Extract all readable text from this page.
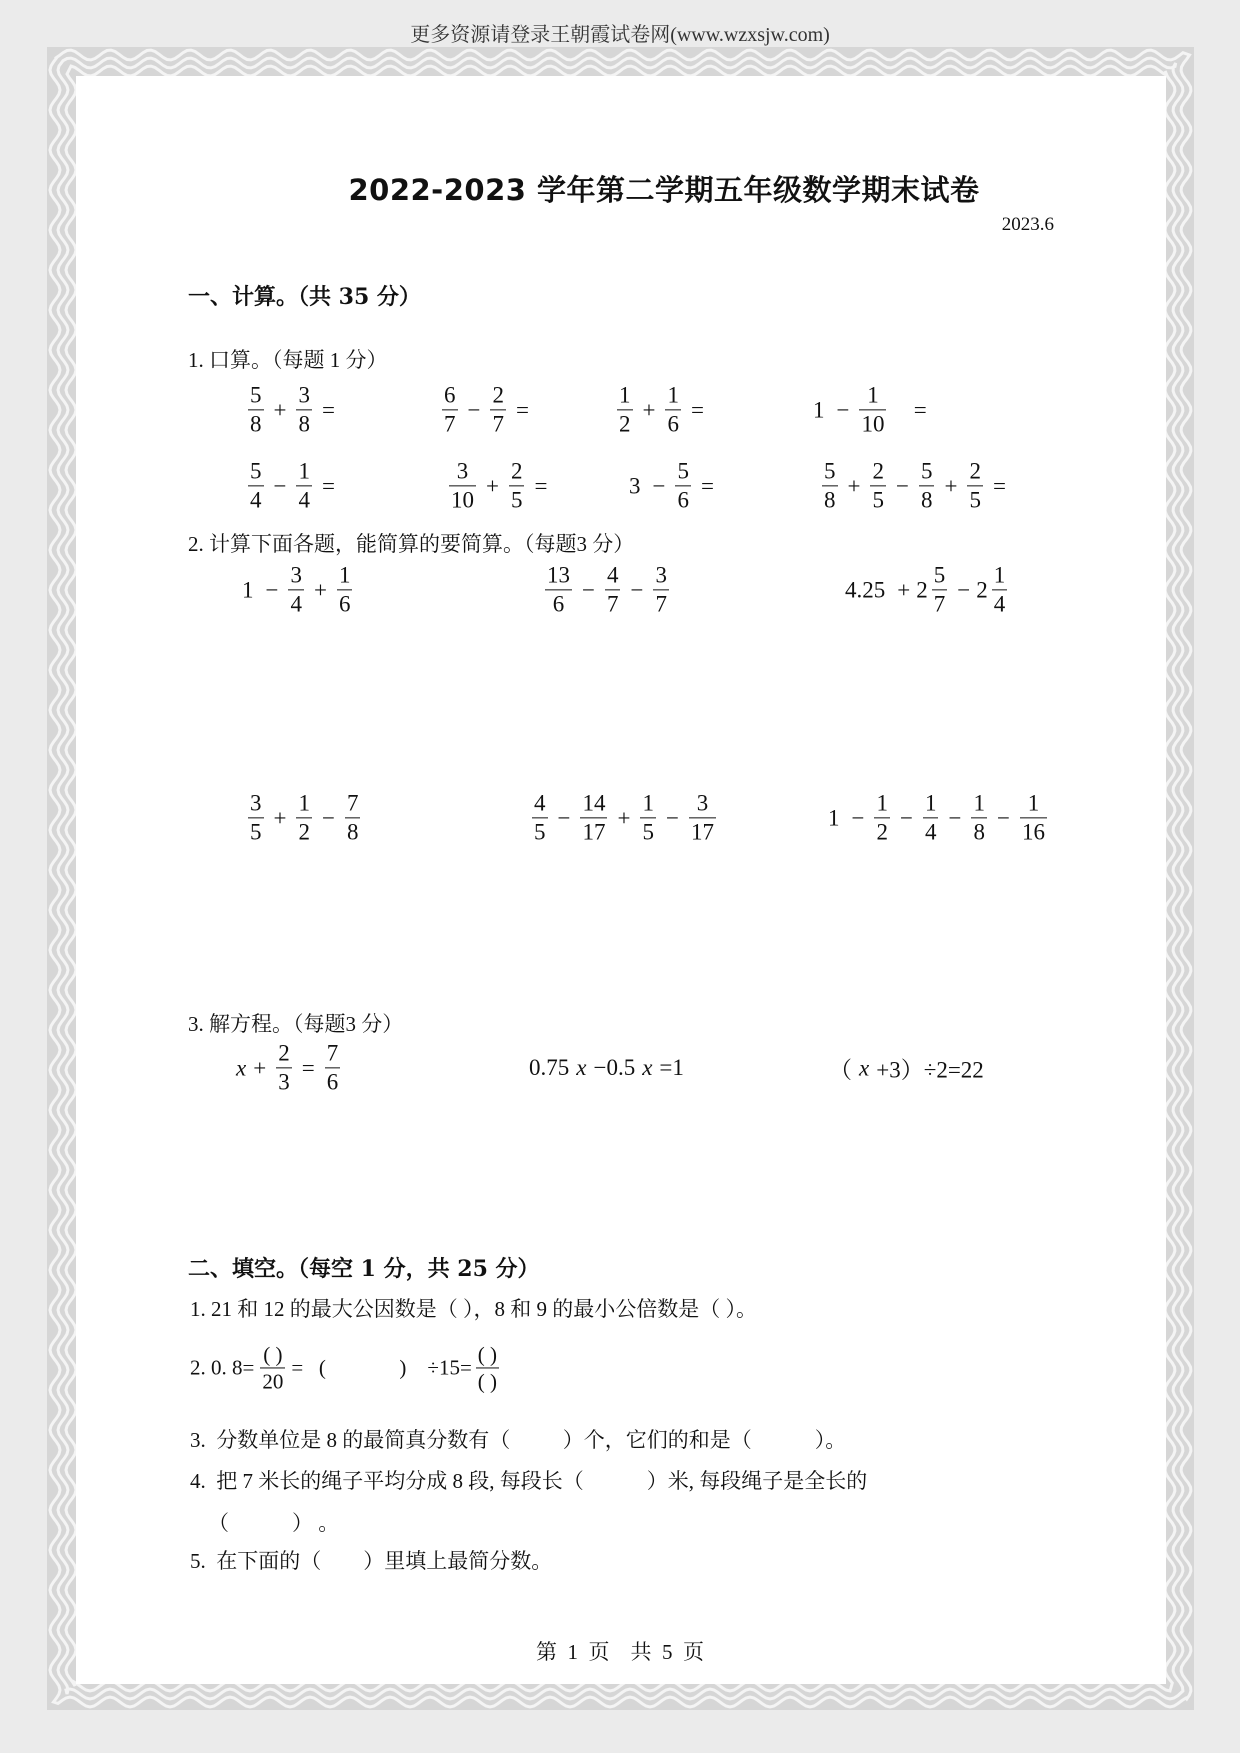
更多资源请登录王朝霞试卷网(www.wzxsjw.com)
2022-2023 学年第二学期五年级数学期末试卷
2023.6
一、计算。（共 35 分）
1. 口算。（每题 1 分）
2. 计算下面各题，能简算的要简算。（每题3 分）
3. 解方程。（每题3 分）
$\frac{5}{8} + \frac{3}{8}$ =	$\frac{6}{7} - \frac{2}{7}$ =	$\frac{1}{2} + \frac{1}{6}$ =	$1 - \frac{1}{10}$ =
$\frac{5}{4} - \frac{1}{4}$ =	$\frac{3}{10} + \frac{2}{5}$ =	$3 - \frac{5}{6}$ =	$\frac{5}{8} + \frac{2}{5} - \frac{5}{8} + \frac{2}{5}$ =
$1 - \frac{3}{4} + \frac{1}{6}$	$\frac{13}{6} - \frac{4}{7} - \frac{3}{7}$	$4.25 + 2 \frac{5}{7} - 2 \frac{1}{4}$
$\frac{3}{5} + \frac{1}{2} - \frac{7}{8}$	$\frac{4}{5} - \frac{14}{17} + \frac{1}{5} - \frac{3}{17}$	$1 - \frac{1}{2} - \frac{1}{4} - \frac{1}{8} - \frac{1}{16}$
$x + \frac{2}{3} = \frac{7}{6}$	0.75 x −0.5 x =1	（ x +3）÷2=22
二、填空。（每空 1 分，共 25 分）
1. 21 和 12 的最大公因数是（ ），8 和 9 的最小公倍数是（ ）。
2. 0. $8= \frac{( )}{20}$ =   (              )    $\div 15= \frac{( )}{( )}$
3.  分数单位是 8 的最简真分数有（          ）个，它们的和是（            ）。
4.  把 7 米长的绳子平均分成 8 段, 每段长（            ）米, 每段绳子是全长的
（            ） 。
5.  在下面的（        ）里填上最简分数。
第  1  页    共  5  页
